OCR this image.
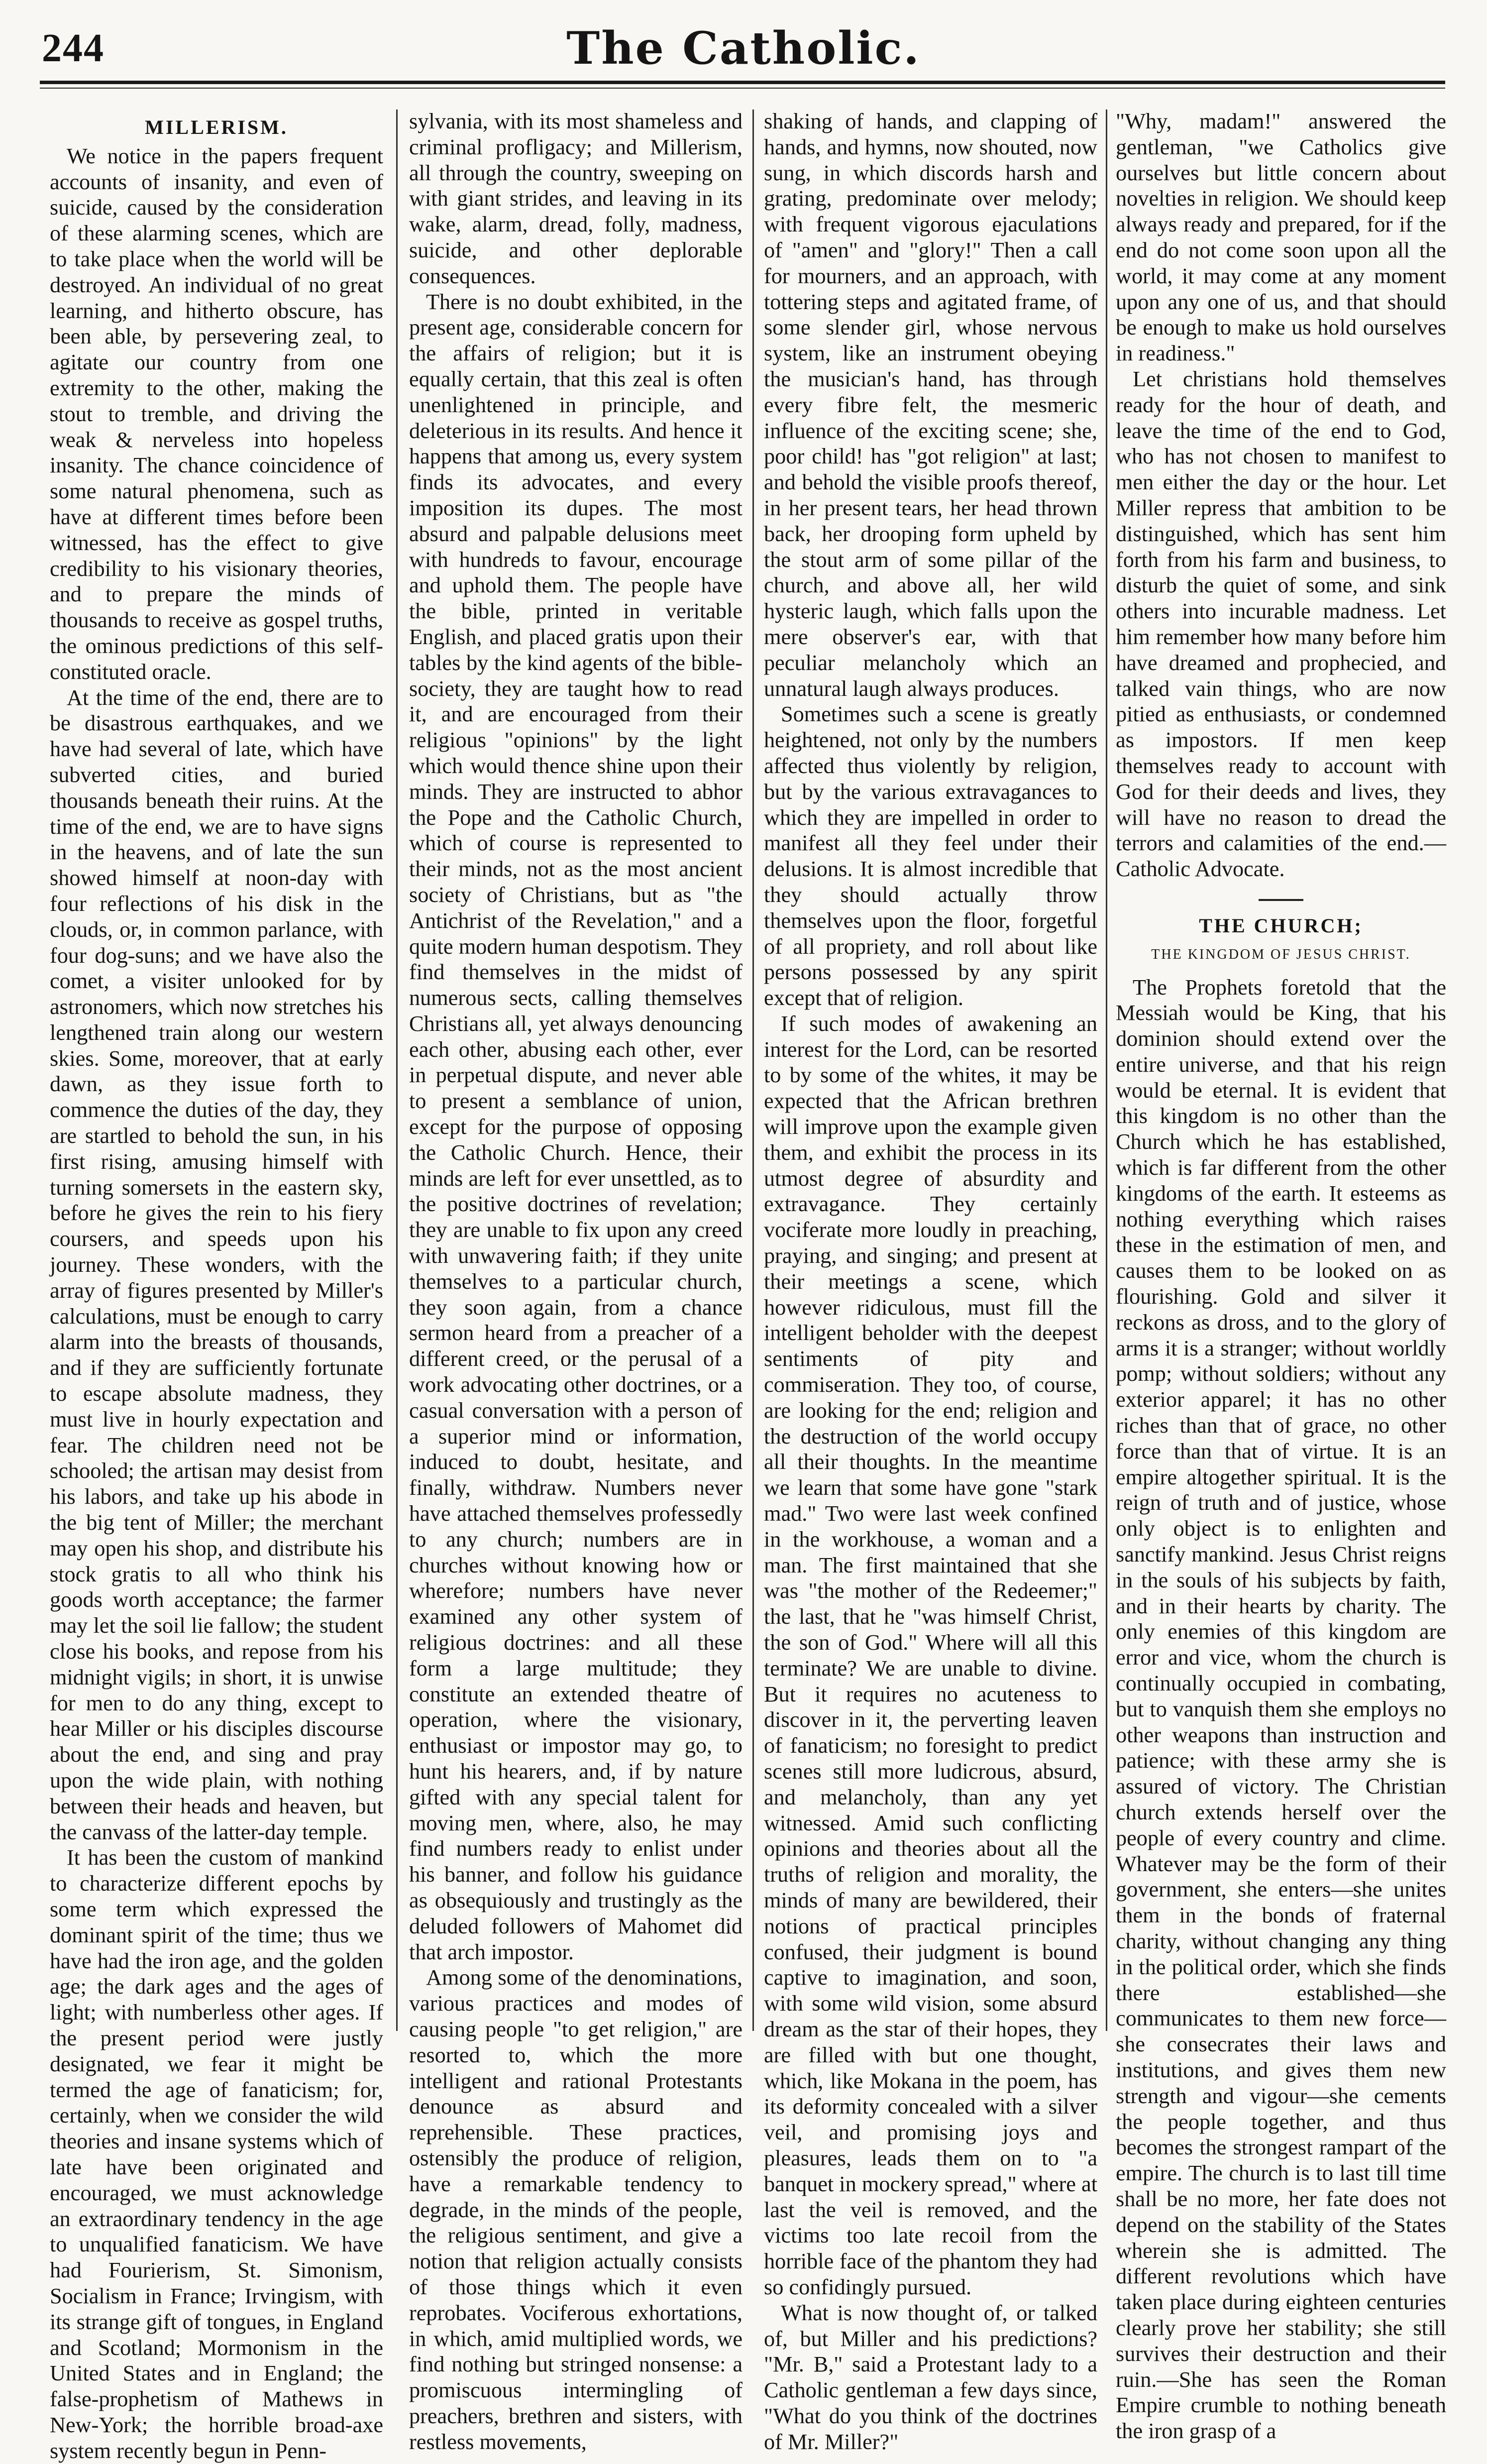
244	The Catholic.
MILLERISM.

We notice in the papers frequent accounts of insanity, and even of suicide, caused by the consideration of these alarming scenes, which are to take place when the world will be destroyed. An individual of no great learning, and hitherto obscure, has been able, by persevering zeal, to agitate our country from one extremity to the other, making the stout to tremble, and driving the weak & nerveless into hopeless insanity. The chance coincidence of some natural phenomena, such as have at different times before been witnessed, has the effect to give credibility to his visionary theories, and to prepare the minds of thousands to receive as gospel truths, the ominous predictions of this self-constituted oracle.

At the time of the end, there are to be disastrous earthquakes, and we have had several of late, which have subverted cities, and buried thousands beneath their ruins. At the time of the end, we are to have signs in the heavens, and of late the sun showed himself at noon-day with four reflections of his disk in the clouds, or, in common parlance, with four dog-suns; and we have also the comet, a visiter unlooked for by astronomers, which now stretches his lengthened train along our western skies. Some, moreover, that at early dawn, as they issue forth to commence the duties of the day, they are startled to behold the sun, in his first rising, amusing himself with turning somersets in the eastern sky, before he gives the rein to his fiery coursers, and speeds upon his journey. These wonders, with the array of figures presented by Miller's calculations, must be enough to carry alarm into the breasts of thousands, and if they are sufficiently fortunate to escape absolute madness, they must live in hourly expectation and fear. The children need not be schooled; the artisan may desist from his labors, and take up his abode in the big tent of Miller; the merchant may open his shop, and distribute his stock gratis to all who think his goods worth acceptance; the farmer may let the soil lie fallow; the student close his books, and repose from his midnight vigils; in short, it is unwise for men to do any thing, except to hear Miller or his disciples discourse about the end, and sing and pray upon the wide plain, with nothing between their heads and heaven, but the canvass of the latter-day temple.

It has been the custom of mankind to characterize different epochs by some term which expressed the dominant spirit of the time; thus we have had the iron age, and the golden age; the dark ages and the ages of light; with numberless other ages. If the present period were justly designated, we fear it might be termed the age of fanaticism; for, certainly, when we consider the wild theories and insane systems which of late have been originated and encouraged, we must acknowledge an extraordinary tendency in the age to unqualified fanaticism. We have had Fourierism, St. Simonism, Socialism in France; Irvingism, with its strange gift of tongues, in England and Scotland; Mormonism in the United States and in England; the false-prophetism of Mathews in New-York; the horrible broad-axe system recently begun in Penn-

sylvania, with its most shameless and criminal profligacy; and Millerism, all through the country, sweeping on with giant strides, and leaving in its wake, alarm, dread, folly, madness, suicide, and other deplorable consequences.

There is no doubt exhibited, in the present age, considerable concern for the affairs of religion; but it is equally certain, that this zeal is often unenlightened in principle, and deleterious in its results. And hence it happens that among us, every system finds its advocates, and every imposition its dupes. The most absurd and palpable delusions meet with hundreds to favour, encourage and uphold them. The people have the bible, printed in veritable English, and placed gratis upon their tables by the kind agents of the bible-society, they are taught how to read it, and are encouraged from their religious "opinions" by the light which would thence shine upon their minds. They are instructed to abhor the Pope and the Catholic Church, which of course is represented to their minds, not as the most ancient society of Christians, but as "the Antichrist of the Revelation," and a quite modern human despotism. They find themselves in the midst of numerous sects, calling themselves Christians all, yet always denouncing each other, abusing each other, ever in perpetual dispute, and never able to present a semblance of union, except for the purpose of opposing the Catholic Church. Hence, their minds are left for ever unsettled, as to the positive doctrines of revelation; they are unable to fix upon any creed with unwavering faith; if they unite themselves to a particular church, they soon again, from a chance sermon heard from a preacher of a different creed, or the perusal of a work advocating other doctrines, or a casual conversation with a person of a superior mind or information, induced to doubt, hesitate, and finally, withdraw. Numbers never have attached themselves professedly to any church; numbers are in churches without knowing how or wherefore; numbers have never examined any other system of religious doctrines: and all these form a large multitude; they constitute an extended theatre of operation, where the visionary, enthusiast or impostor may go, to hunt his hearers, and, if by nature gifted with any special talent for moving men, where, also, he may find numbers ready to enlist under his banner, and follow his guidance as obsequiously and trustingly as the deluded followers of Mahomet did that arch impostor.

Among some of the denominations, various practices and modes of causing people "to get religion," are resorted to, which the more intelligent and rational Protestants denounce as absurd and reprehensible. These practices, ostensibly the produce of religion, have a remarkable tendency to degrade, in the minds of the people, the religious sentiment, and give a notion that religion actually consists of those things which it even reprobates. Vociferous exhortations, in which, amid multiplied words, we find nothing but stringed nonsense: a promiscuous intermingling of preachers, brethren and sisters, with restless movements,

shaking of hands, and clapping of hands, and hymns, now shouted, now sung, in which discords harsh and grating, predominate over melody; with frequent vigorous ejaculations of "amen" and "glory!" Then a call for mourners, and an approach, with tottering steps and agitated frame, of some slender girl, whose nervous system, like an instrument obeying the musician's hand, has through every fibre felt, the mesmeric influence of the exciting scene; she, poor child! has "got religion" at last; and behold the visible proofs thereof, in her present tears, her head thrown back, her drooping form upheld by the stout arm of some pillar of the church, and above all, her wild hysteric laugh, which falls upon the mere observer's ear, with that peculiar melancholy which an unnatural laugh always produces.

Sometimes such a scene is greatly heightened, not only by the numbers affected thus violently by religion, but by the various extravagances to which they are impelled in order to manifest all they feel under their delusions. It is almost incredible that they should actually throw themselves upon the floor, forgetful of all propriety, and roll about like persons possessed by any spirit except that of religion.

If such modes of awakening an interest for the Lord, can be resorted to by some of the whites, it may be expected that the African brethren will improve upon the example given them, and exhibit the process in its utmost degree of absurdity and extravagance. They certainly vociferate more loudly in preaching, praying, and singing; and present at their meetings a scene, which however ridiculous, must fill the intelligent beholder with the deepest sentiments of pity and commiseration. They too, of course, are looking for the end; religion and the destruction of the world occupy all their thoughts. In the meantime we learn that some have gone "stark mad." Two were last week confined in the workhouse, a woman and a man. The first maintained that she was "the mother of the Redeemer;" the last, that he "was himself Christ, the son of God." Where will all this terminate? We are unable to divine. But it requires no acuteness to discover in it, the perverting leaven of fanaticism; no foresight to predict scenes still more ludicrous, absurd, and melancholy, than any yet witnessed. Amid such conflicting opinions and theories about all the truths of religion and morality, the minds of many are bewildered, their notions of practical principles confused, their judgment is bound captive to imagination, and soon, with some wild vision, some absurd dream as the star of their hopes, they are filled with but one thought, which, like Mokana in the poem, has its deformity concealed with a silver veil, and promising joys and pleasures, leads them on to "a banquet in mockery spread," where at last the veil is removed, and the victims too late recoil from the horrible face of the phantom they had so confidingly pursued.

What is now thought of, or talked of, but Miller and his predictions? "Mr. B," said a Protestant lady to a Catholic gentleman a few days since, "What do you think of the doctrines of Mr. Miller?"

"Why, madam!" answered the gentleman, "we Catholics give ourselves but little concern about novelties in religion. We should keep always ready and prepared, for if the end do not come soon upon all the world, it may come at any moment upon any one of us, and that should be enough to make us hold ourselves in readiness."

Let christians hold themselves ready for the hour of death, and leave the time of the end to God, who has not chosen to manifest to men either the day or the hour. Let Miller repress that ambition to be distinguished, which has sent him forth from his farm and business, to disturb the quiet of some, and sink others into incurable madness. Let him remember how many before him have dreamed and prophecied, and talked vain things, who are now pitied as enthusiasts, or condemned as impostors. If men keep themselves ready to account with God for their deeds and lives, they will have no reason to dread the terrors and calamities of the end.—Catholic Advocate.

THE CHURCH;
THE KINGDOM OF JESUS CHRIST.

The Prophets foretold that the Messiah would be King, that his dominion should extend over the entire universe, and that his reign would be eternal. It is evident that this kingdom is no other than the Church which he has established, which is far different from the other kingdoms of the earth. It esteems as nothing everything which raises these in the estimation of men, and causes them to be looked on as flourishing. Gold and silver it reckons as dross, and to the glory of arms it is a stranger; without worldly pomp; without soldiers; without any exterior apparel; it has no other riches than that of grace, no other force than that of virtue. It is an empire altogether spiritual. It is the reign of truth and of justice, whose only object is to enlighten and sanctify mankind. Jesus Christ reigns in the souls of his subjects by faith, and in their hearts by charity. The only enemies of this kingdom are error and vice, whom the church is continually occupied in combating, but to vanquish them she employs no other weapons than instruction and patience; with these army she is assured of victory. The Christian church extends herself over the people of every country and clime. Whatever may be the form of their government, she enters—she unites them in the bonds of fraternal charity, without changing any thing in the political order, which she finds there established—she communicates to them new force—she consecrates their laws and institutions, and gives them new strength and vigour—she cements the people together, and thus becomes the strongest rampart of the empire. The church is to last till time shall be no more, her fate does not depend on the stability of the States wherein she is admitted. The different revolutions which have taken place during eighteen centuries clearly prove her stability; she still survives their destruction and their ruin.—She has seen the Roman Empire crumble to nothing beneath the iron grasp of a
